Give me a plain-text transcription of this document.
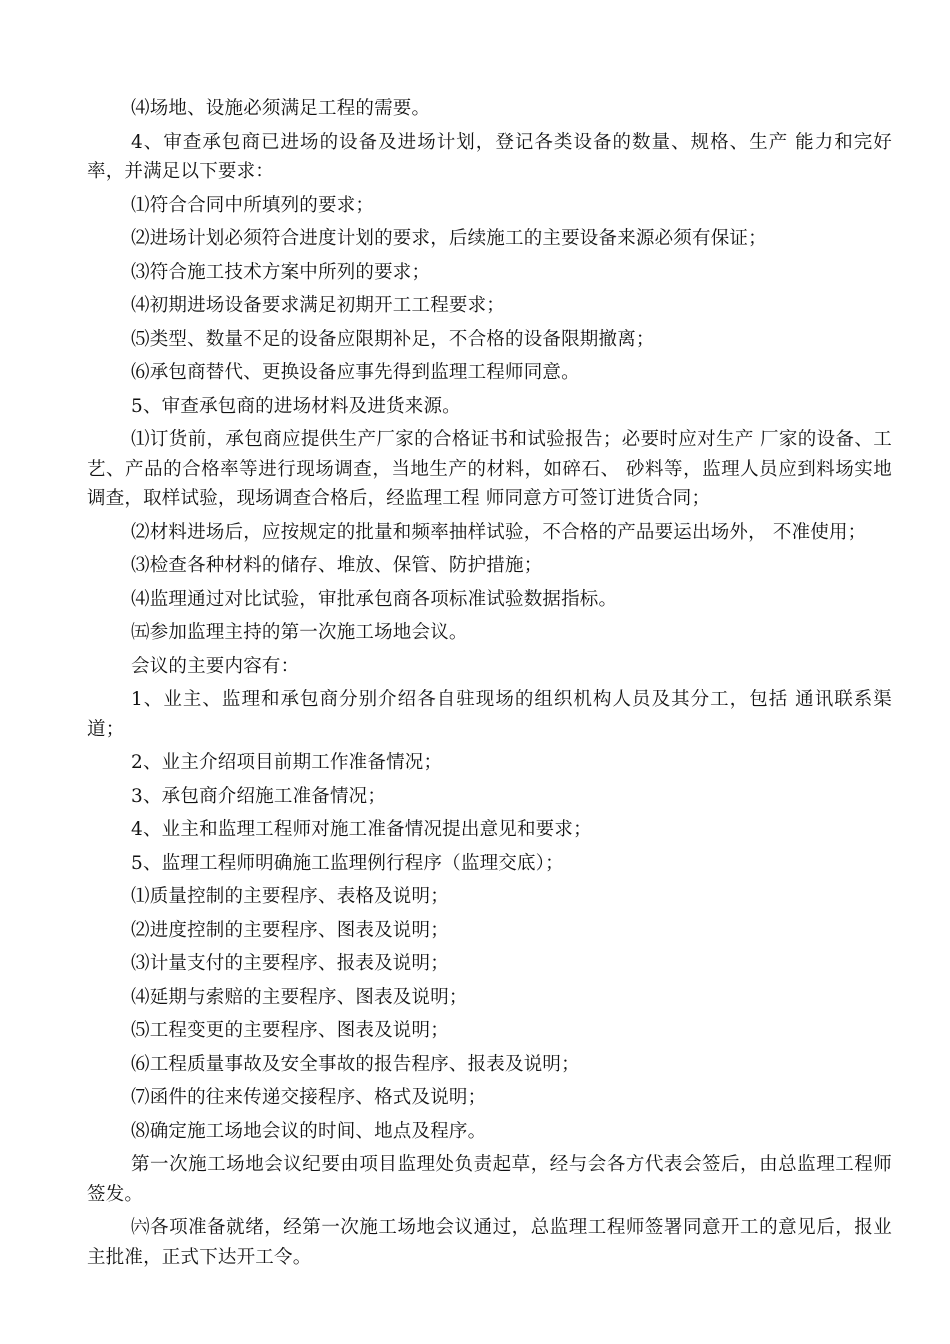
⑷场地、设施必须满足工程的需要。

4、审查承包商已进场的设备及进场计划，登记各类设备的数量、规格、生产 能力和完好率，并满足以下要求：

⑴符合合同中所填列的要求；

⑵进场计划必须符合进度计划的要求，后续施工的主要设备来源必须有保证；

⑶符合施工技术方案中所列的要求；

⑷初期进场设备要求满足初期开工工程要求；

⑸类型、数量不足的设备应限期补足，不合格的设备限期撤离；

⑹承包商替代、更换设备应事先得到监理工程师同意。

5、审查承包商的进场材料及进货来源。

⑴订货前，承包商应提供生产厂家的合格证书和试验报告；必要时应对生产 厂家的设备、工艺、产品的合格率等进行现场调查，当地生产的材料，如碎石、 砂料等，监理人员应到料场实地调查，取样试验，现场调查合格后，经监理工程 师同意方可签订进货合同；

⑵材料进场后，应按规定的批量和频率抽样试验，不合格的产品要运出场外， 不准使用；

⑶检查各种材料的储存、堆放、保管、防护措施；

⑷监理通过对比试验，审批承包商各项标准试验数据指标。

㈤参加监理主持的第一次施工场地会议。

会议的主要内容有：

1、业主、监理和承包商分别介绍各自驻现场的组织机构人员及其分工，包括 通讯联系渠道；

2、业主介绍项目前期工作准备情况；

3、承包商介绍施工准备情况；

4、业主和监理工程师对施工准备情况提出意见和要求；

5、监理工程师明确施工监理例行程序（监理交底）；

⑴质量控制的主要程序、表格及说明；

⑵进度控制的主要程序、图表及说明；

⑶计量支付的主要程序、报表及说明；

⑷延期与索赔的主要程序、图表及说明；

⑸工程变更的主要程序、图表及说明；

⑹工程质量事故及安全事故的报告程序、报表及说明；

⑺函件的往来传递交接程序、格式及说明；

⑻确定施工场地会议的时间、地点及程序。

第一次施工场地会议纪要由项目监理处负责起草，经与会各方代表会签后，由总监理工程师签发。

㈥各项准备就绪，经第一次施工场地会议通过，总监理工程师签署同意开工的意见后，报业主批准，正式下达开工令。
